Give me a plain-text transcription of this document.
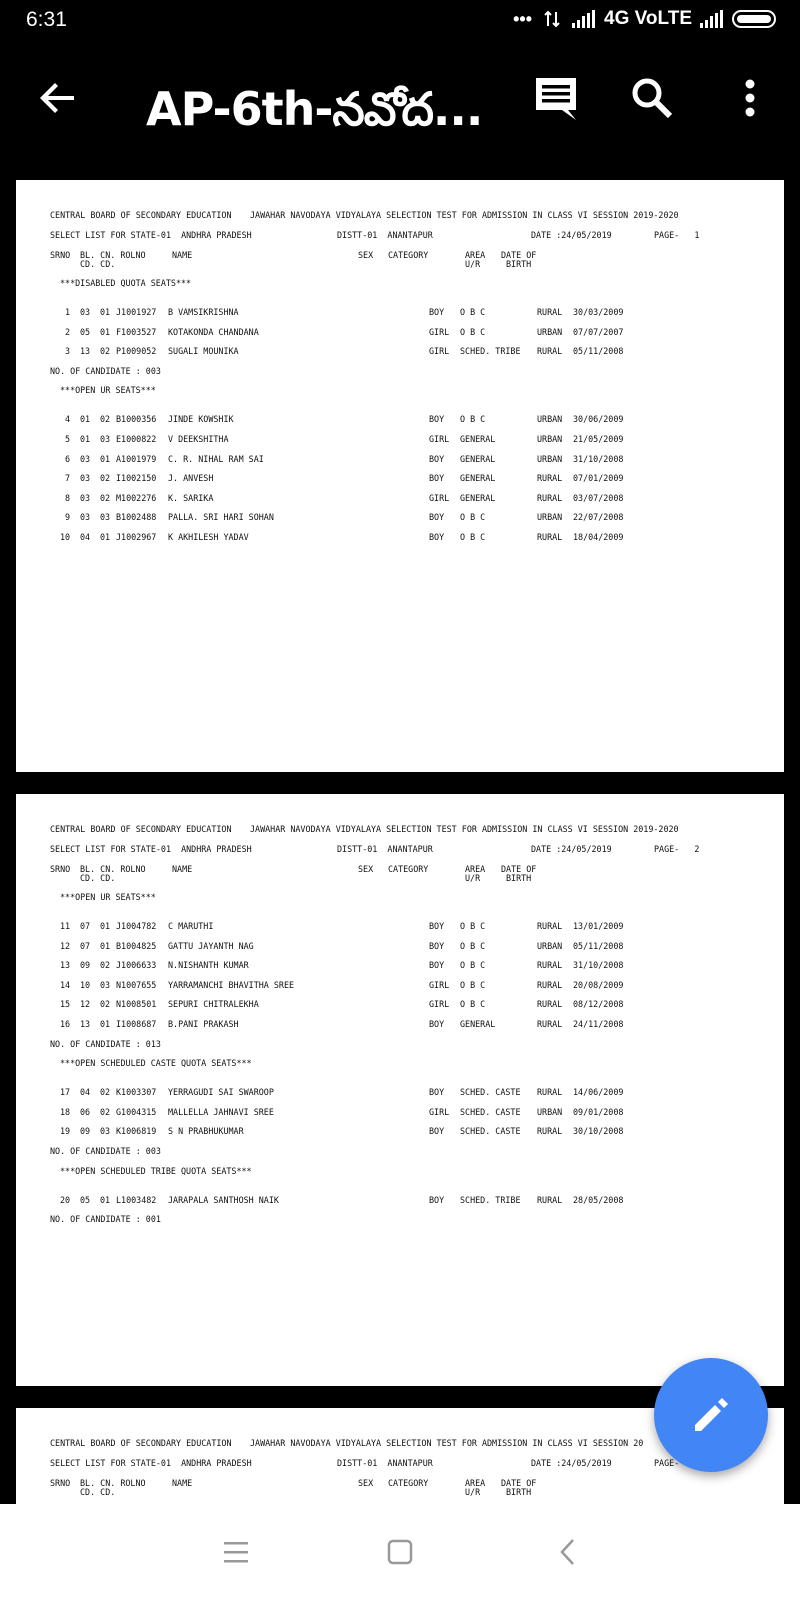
6:31	•••	4G VoLTE
AP-6th-నవోద...
CENTRAL BOARD OF SECONDARY EDUCATION JAWAHAR NAVODAYA VIDYALAYA SELECTION TEST FOR ADMISSION IN CLASS VI SESSION 2019-2020
SELECT LIST FOR STATE-01  ANDHRA PRADESH	DISTT-01  ANANTAPUR	DATE :24/05/2019	PAGE-   1
SRNO BL. CN. ROLNO
CD. CD.
NAME	SEX CATEGORY	AREA
U/R
DATE OF
BIRTH
***DISABLED QUOTA SEATS***
1 03 01 J1001927 B VAMSIKRISHNA	BOY O B C	RURAL 30/03/2009
2 05 01 F1003527 KOTAKONDA CHANDANA	GIRL O B C	URBAN 07/07/2007
3 13 02 P1009052 SUGALI MOUNIKA	GIRL SCHED. TRIBE RURAL 05/11/2008
NO. OF CANDIDATE : 003
***OPEN UR SEATS***
4 01 02 B1000356 JINDE KOWSHIK	BOY O B C	URBAN 30/06/2009
5 01 03 E1000822 V DEEKSHITHA	GIRL GENERAL	URBAN 21/05/2009
6 03 01 A1001979 C. R. NIHAL RAM SAI	BOY GENERAL	URBAN 31/10/2008
7 03 02 I1002150 J. ANVESH	BOY GENERAL	RURAL 07/01/2009
8 03 02 M1002276 K. SARIKA	GIRL GENERAL	RURAL 03/07/2008
9 03 03 B1002488 PALLA. SRI HARI SOHAN	BOY O B C	URBAN 22/07/2008
10 04 01 J1002967 K AKHILESH YADAV	BOY O B C	RURAL 18/04/2009
CENTRAL BOARD OF SECONDARY EDUCATION JAWAHAR NAVODAYA VIDYALAYA SELECTION TEST FOR ADMISSION IN CLASS VI SESSION 2019-2020
SELECT LIST FOR STATE-01  ANDHRA PRADESH	DISTT-01  ANANTAPUR	DATE :24/05/2019	PAGE-   2
SRNO BL. CN. ROLNO
CD. CD.
NAME	SEX CATEGORY	AREA
U/R
DATE OF
BIRTH
***OPEN UR SEATS***
11 07 01 J1004782 C MARUTHI	BOY O B C	RURAL 13/01/2009
12 07 01 B1004825 GATTU JAYANTH NAG	BOY O B C	URBAN 05/11/2008
13 09 02 J1006633 N.NISHANTH KUMAR	BOY O B C	RURAL 31/10/2008
14 10 03 N1007655 YARRAMANCHI BHAVITHA SREE	GIRL O B C	RURAL 20/08/2009
15 12 02 N1008501 SEPURI CHITRALEKHA	GIRL O B C	RURAL 08/12/2008
16 13 01 I1008687 B.PANI PRAKASH	BOY GENERAL	RURAL 24/11/2008
NO. OF CANDIDATE : 013
***OPEN SCHEDULED CASTE QUOTA SEATS***
17 04 02 K1003307 YERRAGUDI SAI SWAROOP	BOY SCHED. CASTE RURAL 14/06/2009
18 06 02 G1004315 MALLELLA JAHNAVI SREE	GIRL SCHED. CASTE URBAN 09/01/2008
19 09 03 K1006819 S N PRABHUKUMAR	BOY SCHED. CASTE RURAL 30/10/2008
NO. OF CANDIDATE : 003
***OPEN SCHEDULED TRIBE QUOTA SEATS***
20 05 01 L1003482 JARAPALA SANTHOSH NAIK	BOY SCHED. TRIBE RURAL 28/05/2008
NO. OF CANDIDATE : 001
CENTRAL BOARD OF SECONDARY EDUCATION JAWAHAR NAVODAYA VIDYALAYA SELECTION TEST FOR ADMISSION IN CLASS VI SESSION 20
SELECT LIST FOR STATE-01  ANDHRA PRADESH	DISTT-01  ANANTAPUR	DATE :24/05/2019	PAGE-
SRNO BL. CN. ROLNO
CD. CD.
NAME	SEX CATEGORY	AREA
U/R
DATE OF
BIRTH
